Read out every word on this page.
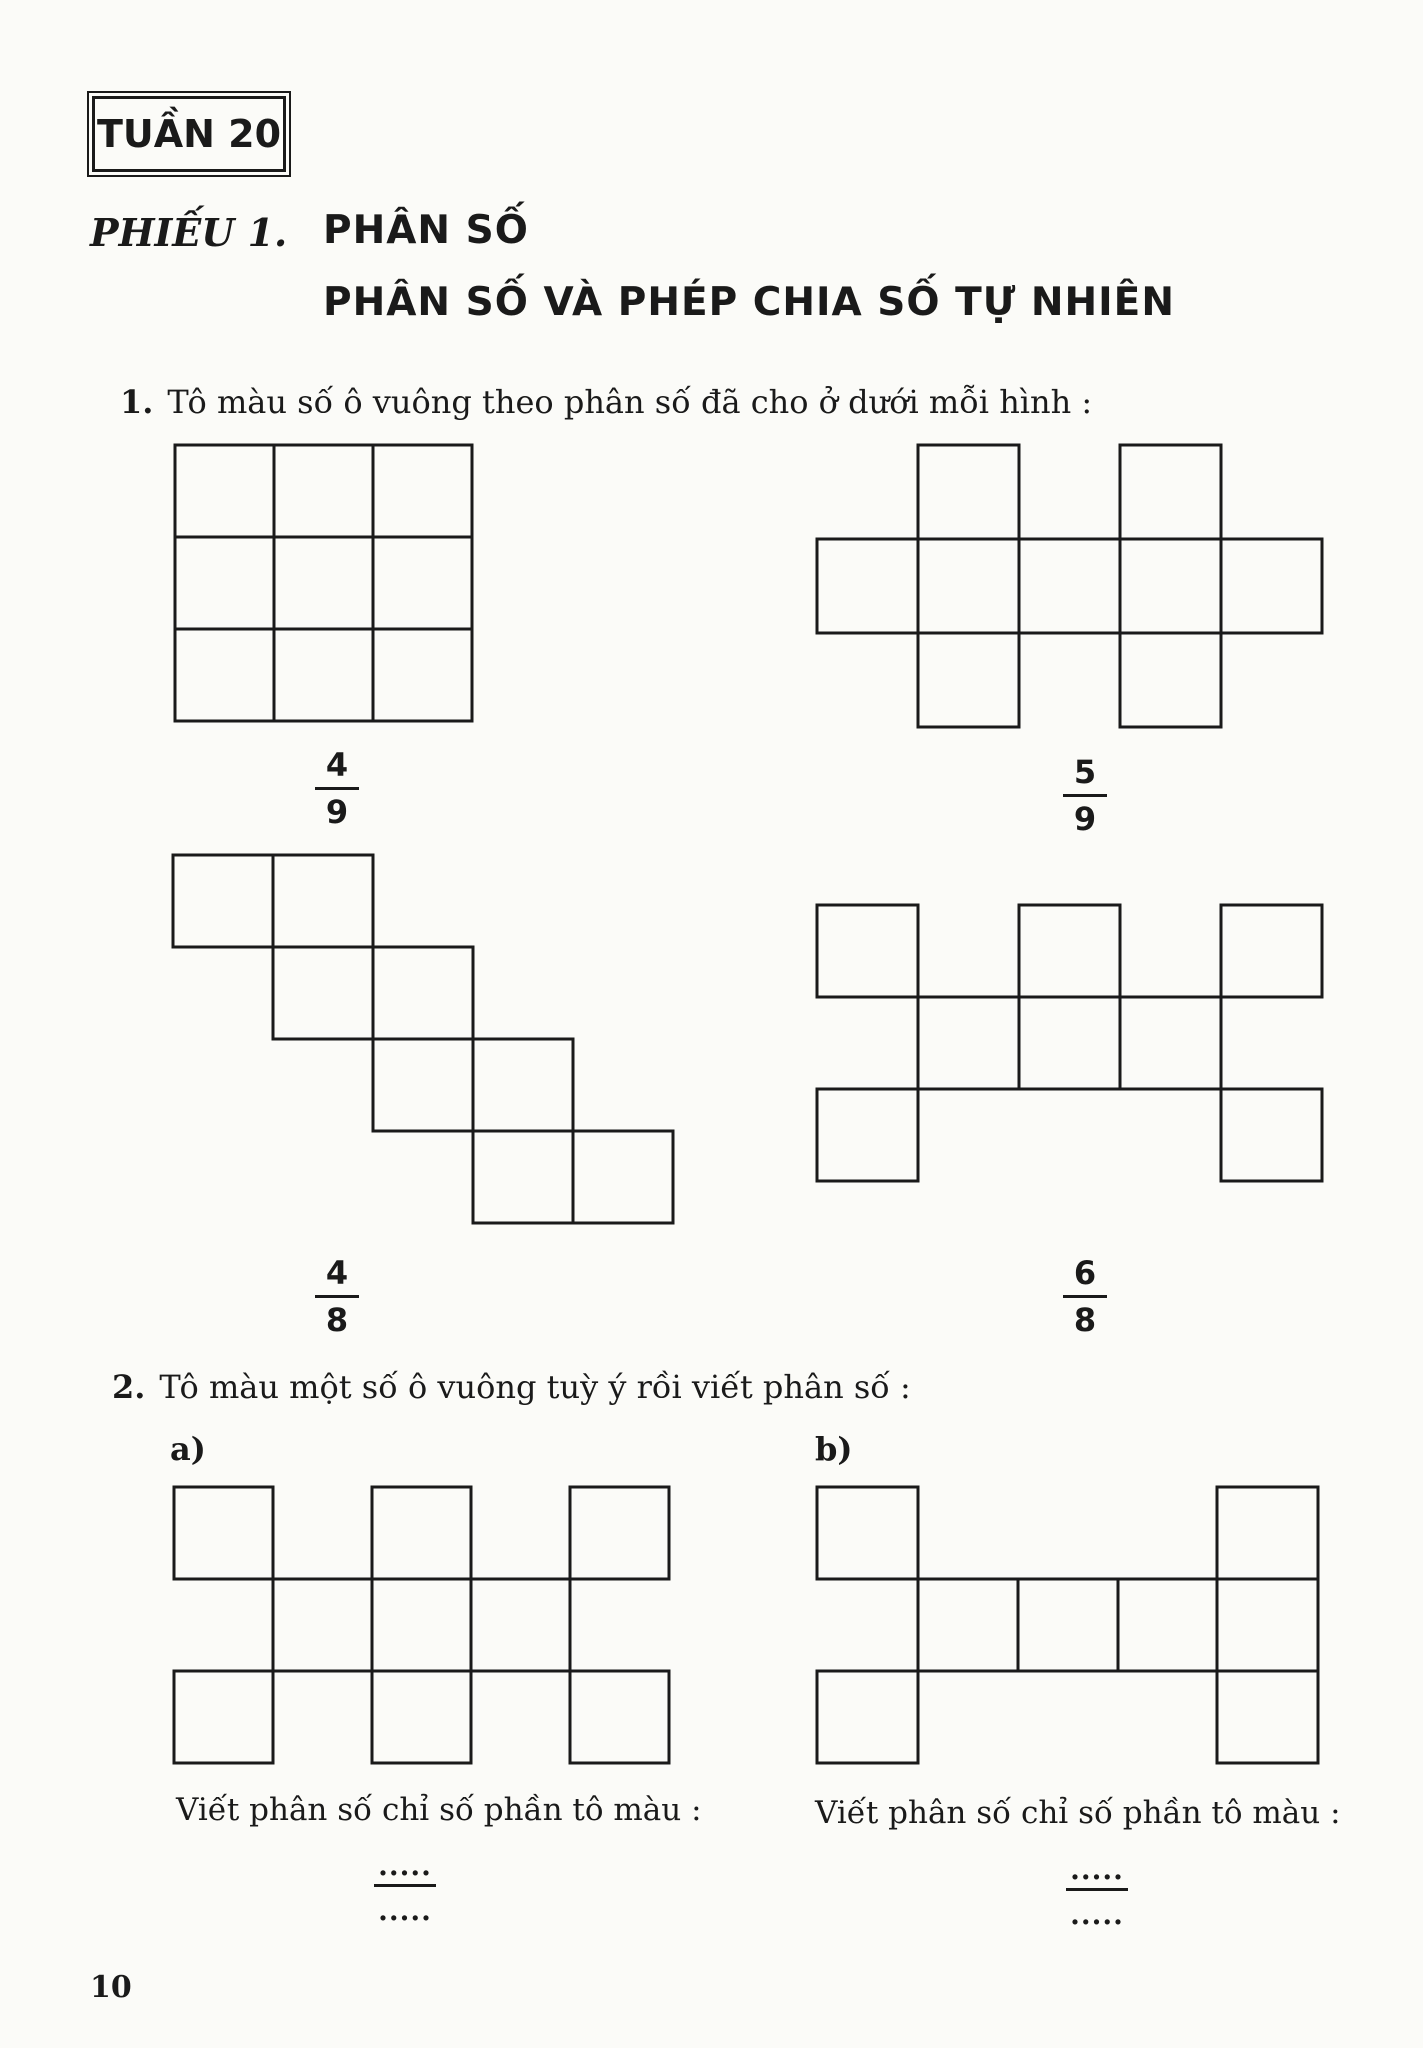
TUẦN 20
PHIẾU 1. PHÂN SỐ
PHÂN SỐ VÀ PHÉP CHIA SỐ TỰ NHIÊN
1. Tô màu số ô vuông theo phân số đã cho ở dưới mỗi hình :
4
9
5
9
4
8
6
8
2. Tô màu một số ô vuông tuỳ ý rồi viết phân số :
a)	b)
Viết phân số chỉ số phần tô màu :	Viết phân số chỉ số phần tô màu :
.....
.....
.....
.....
10
